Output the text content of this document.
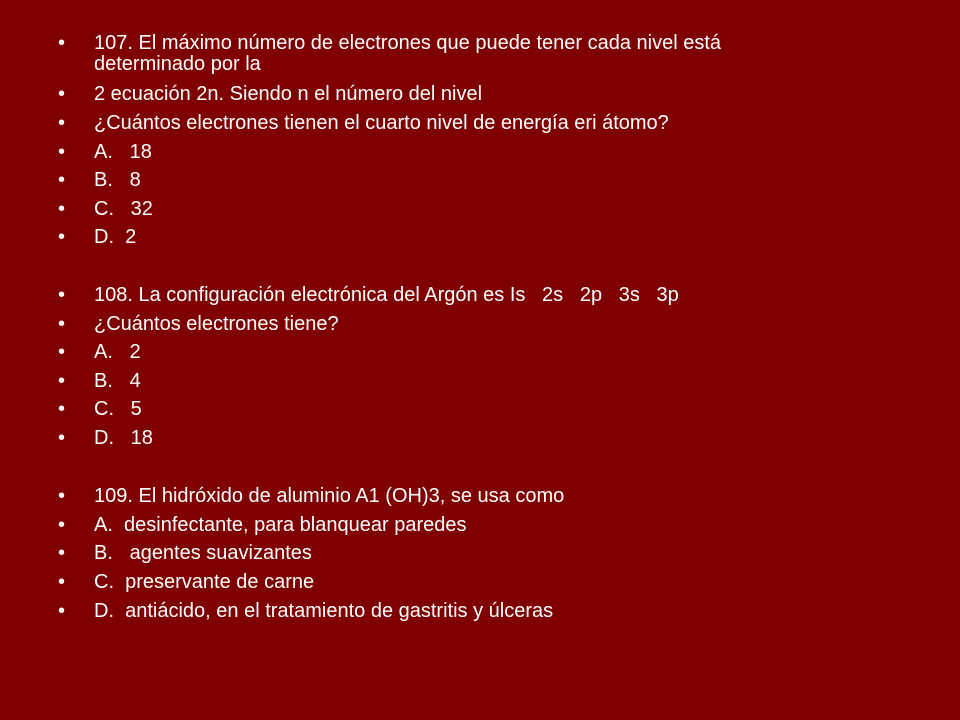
•

	107. El máximo número de electrones que puede tener cada nivel está
determinado por la

•

	2 ecuación 2n. Siendo n el número del nivel

•

	¿Cuántos electrones tienen el cuarto nivel de energía eri átomo?

•

	A.   18

•

	B.   8

•

	C.   32

•

	D.  2

•

	108. La configuración electrónica del Argón es Is   2s   2p   3s   3p

•

	¿Cuántos electrones tiene?

•

	A.   2

•

	B.   4

•

	C.   5

•

	D.   18

•

	109. El hidróxido de aluminio A1 (OH)3, se usa como

•

	A.  desinfectante, para blanquear paredes

•

	B.   agentes suavizantes

•

	C.  preservante de carne

•

	D.  antiácido, en el tratamiento de gastritis y úlceras
